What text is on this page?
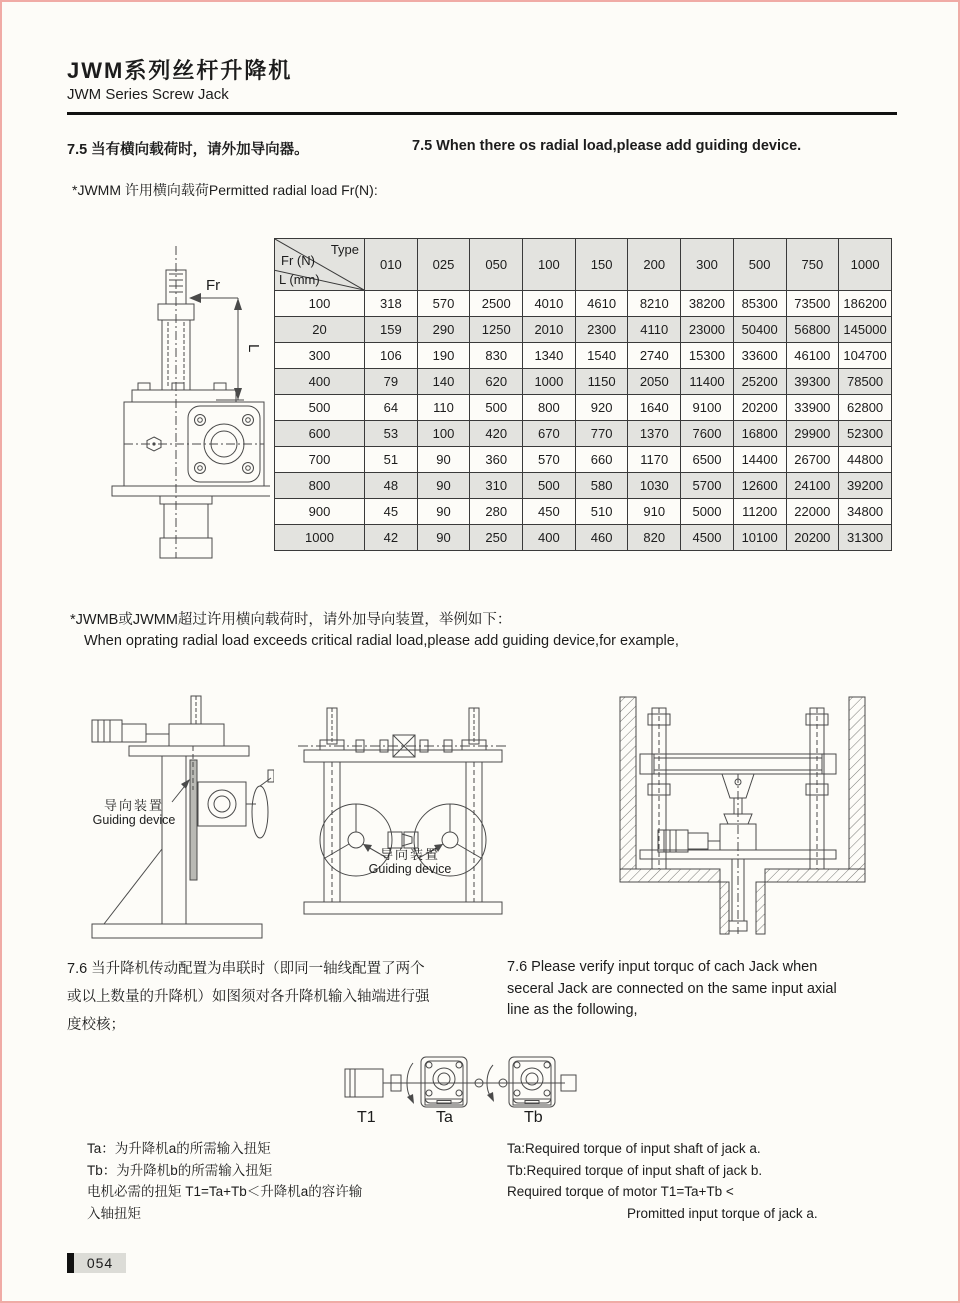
JWM系列丝杆升降机
JWM Series Screw Jack
7.5 当有横向载荷时，请外加导向器。	7.5 When there os radial load,please add guiding device.
*JWMM 许用横向载荷Permitted radial load Fr(N):
Fr
L
Type
Fr (N)
L (mm)	010	025	050	100	150	200	300	500	750	1000
100	318	570	2500	4010	4610	8210	38200	85300	73500	186200
20	159	290	1250	2010	2300	4110	23000	50400	56800	145000
300	106	190	830	1340	1540	2740	15300	33600	46100	104700
400	79	140	620	1000	1150	2050	11400	25200	39300	78500
500	64	110	500	800	920	1640	9100	20200	33900	62800
600	53	100	420	670	770	1370	7600	16800	29900	52300
700	51	90	360	570	660	1170	6500	14400	26700	44800
800	48	90	310	500	580	1030	5700	12600	24100	39200
900	45	90	280	450	510	910	5000	11200	22000	34800
1000	42	90	250	400	460	820	4500	10100	20200	31300
*JWMB或JWMM超过许用横向载荷时，请外加导向装置，举例如下：
When oprating radial load exceeds critical radial load,please add guiding device,for example,
导向装置
Guiding device
导向装置
Guiding device
7.6 当升降机传动配置为串联时（即同一轴线配置了两个
或以上数量的升降机）如图须对各升降机输入轴端进行强
度校核；
7.6 Please verify input torquc of cach Jack when
seceral Jack are connected on the same input axial
line as the following,
T1	Ta	Tb
Ta：为升降机a的所需输入扭矩
Tb：为升降机b的所需输入扭矩
电机必需的扭矩 T1=Ta+Tb＜升降机a的容许输
入轴扭矩
Ta:Required torque of input shaft of jack a.
Tb:Required torque of input shaft of jack b.
Required torque of motor T1=Ta+Tb <
Promitted input torque of jack a.
054
